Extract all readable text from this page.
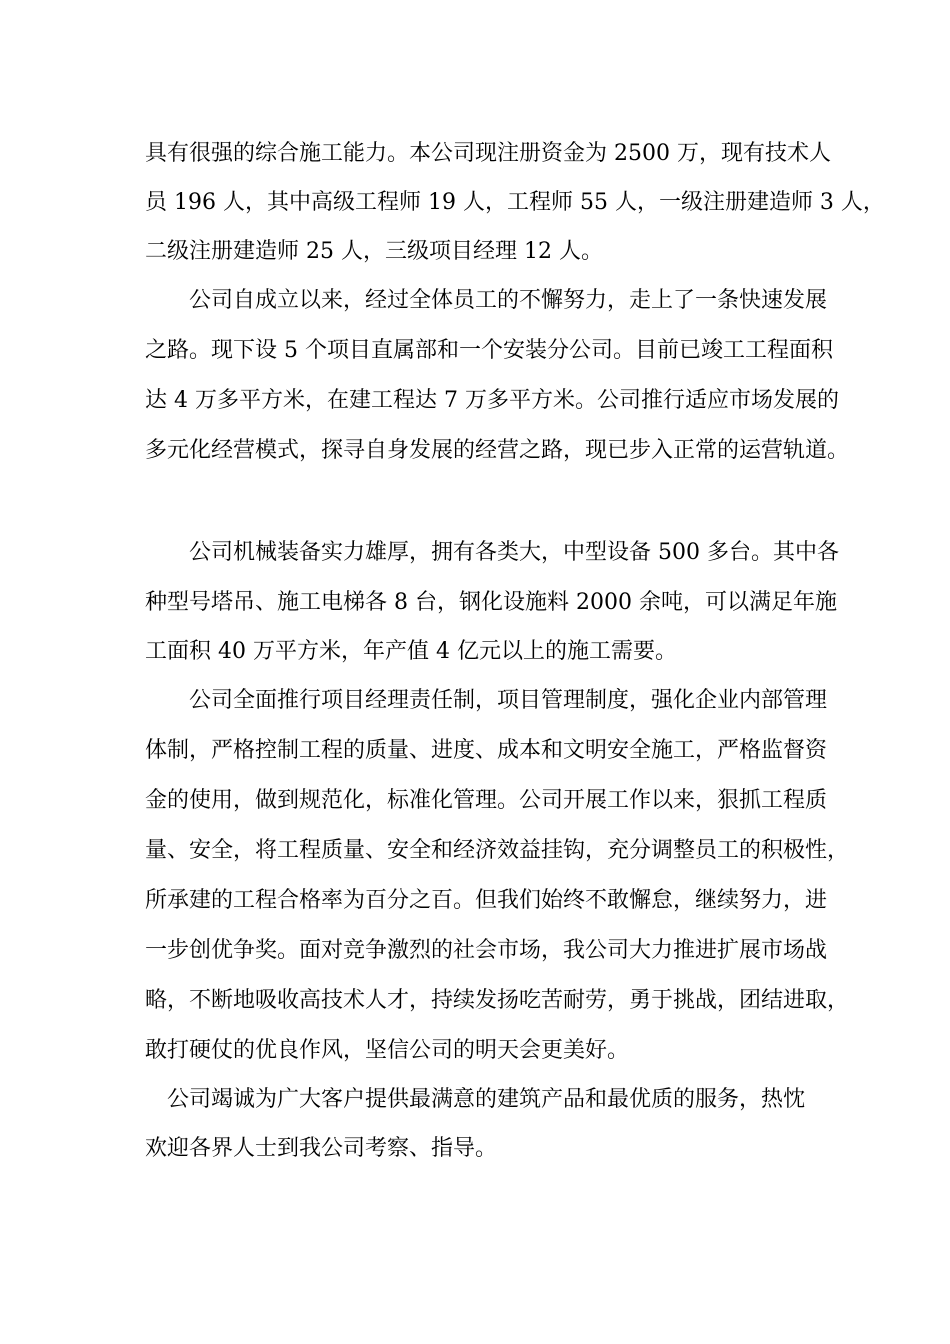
具有很强的综合施工能力。本公司现注册资金为 2500 万，现有技术人

员 196 人，其中高级工程师 19 人，工程师 55 人，一级注册建造师 3 人，

二级注册建造师 25 人，三级项目经理 12 人。

公司自成立以来，经过全体员工的不懈努力，走上了一条快速发展

之路。现下设 5 个项目直属部和一个安装分公司。目前已竣工工程面积

达 4 万多平方米，在建工程达 7 万多平方米。公司推行适应市场发展的

多元化经营模式，探寻自身发展的经营之路，现已步入正常的运营轨道。

公司机械装备实力雄厚，拥有各类大，中型设备 500 多台。其中各

种型号塔吊、施工电梯各 8 台，钢化设施料 2000 余吨，可以满足年施

工面积 40 万平方米，年产值 4 亿元以上的施工需要。

公司全面推行项目经理责任制，项目管理制度，强化企业内部管理

体制，严格控制工程的质量、进度、成本和文明安全施工，严格监督资

金的使用，做到规范化，标准化管理。公司开展工作以来，狠抓工程质

量、安全，将工程质量、安全和经济效益挂钩，充分调整员工的积极性，

所承建的工程合格率为百分之百。但我们始终不敢懈怠，继续努力，进

一步创优争奖。面对竞争激烈的社会市场，我公司大力推进扩展市场战

略，不断地吸收高技术人才，持续发扬吃苦耐劳，勇于挑战，团结进取，

敢打硬仗的优良作风，坚信公司的明天会更美好。

公司竭诚为广大客户提供最满意的建筑产品和最优质的服务，热忱

欢迎各界人士到我公司考察、指导。
